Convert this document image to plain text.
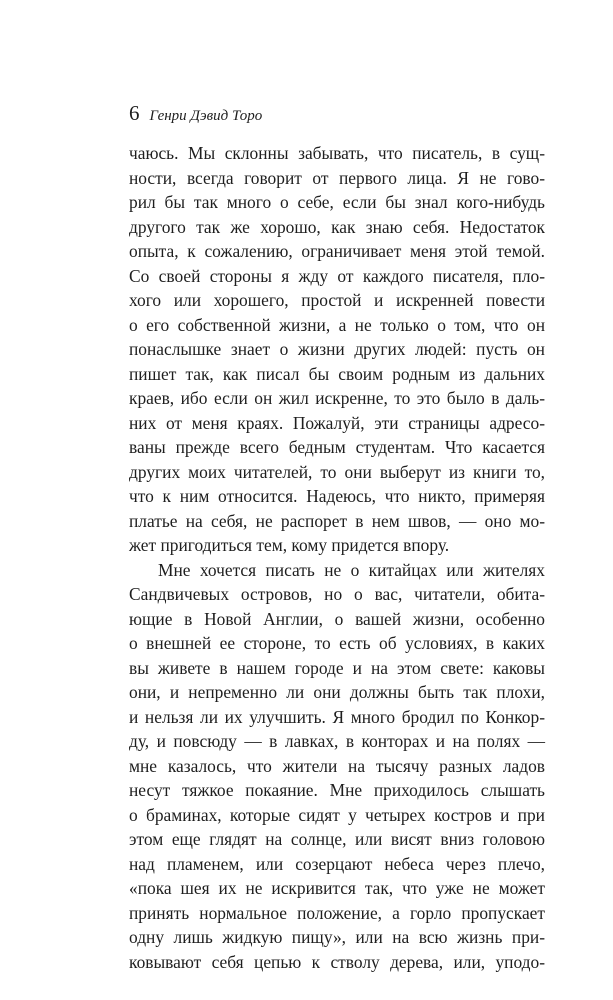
6 Генри Дэвид Торо
чаюсь. Мы склонны забывать, что писатель, в сущ-
ности, всегда говорит от первого лица. Я не гово-
рил бы так много о себе, если бы знал кого-нибудь
другого так же хорошо, как знаю себя. Недостаток
опыта, к сожалению, ограничивает меня этой темой.
Со своей стороны я жду от каждого писателя, пло-
хого или хорошего, простой и искренней повести
о его собственной жизни, а не только о том, что он
понаслышке знает о жизни других людей: пусть он
пишет так, как писал бы своим родным из дальних
краев, ибо если он жил искренне, то это было в даль-
них от меня краях. Пожалуй, эти страницы адресо-
ваны прежде всего бедным студентам. Что касается
других моих читателей, то они выберут из книги то,
что к ним относится. Надеюсь, что никто, примеряя
платье на себя, не распорет в нем швов, — оно мо-
жет пригодиться тем, кому придется впору.
Мне хочется писать не о китайцах или жителях
Сандвичевых островов, но о вас, читатели, обита-
ющие в Новой Англии, о вашей жизни, особенно
о внешней ее стороне, то есть об условиях, в каких
вы живете в нашем городе и на этом свете: каковы
они, и непременно ли они должны быть так плохи,
и нельзя ли их улучшить. Я много бродил по Конкор-
ду, и повсюду — в лавках, в конторах и на полях —
мне казалось, что жители на тысячу разных ладов
несут тяжкое покаяние. Мне приходилось слышать
о браминах, которые сидят у четырех костров и при
этом еще глядят на солнце, или висят вниз головою
над пламенем, или созерцают небеса через плечо,
«пока шея их не искривится так, что уже не может
принять нормальное положение, а горло пропускает
одну лишь жидкую пищу», или на всю жизнь при-
ковывают себя цепью к стволу дерева, или, уподо-
